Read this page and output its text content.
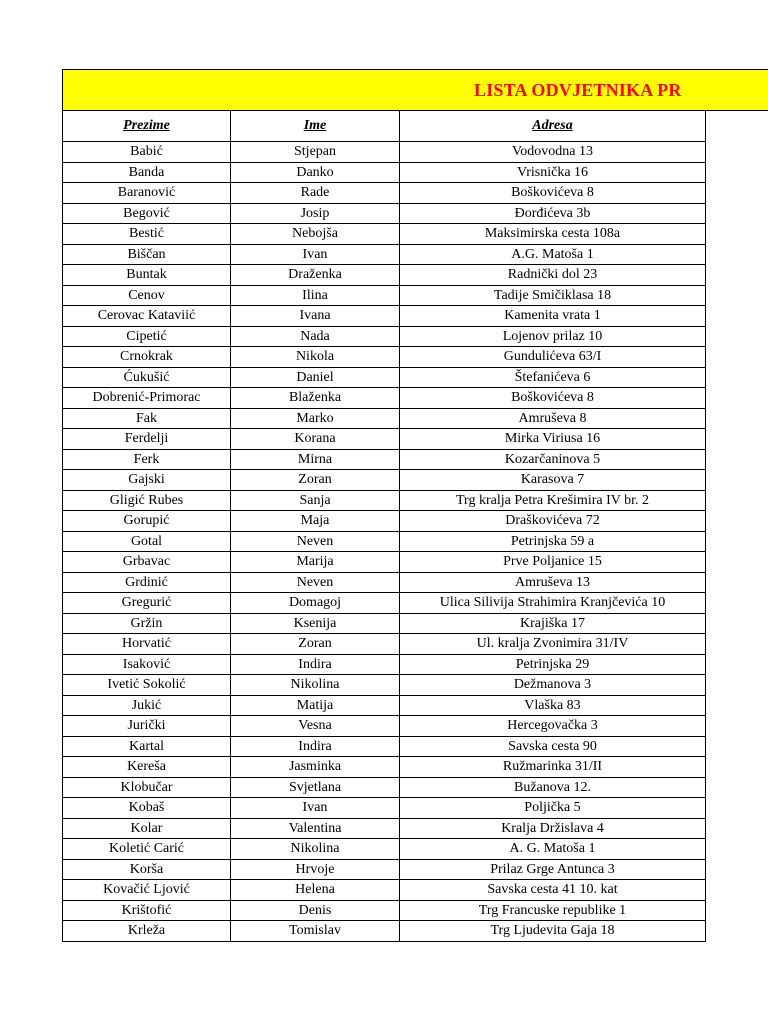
LISTA ODVJETNIKA PR
Prezime	Ime	Adresa
Babić	Stjepan	Vodovodna 13
Banda	Danko	Vrisnička 16
Baranović	Rade	Boškovićeva 8
Begović	Josip	Đorđićeva 3b
Bestić	Nebojša	Maksimirska cesta 108a
Biščan	Ivan	A.G. Matoša 1
Buntak	Draženka	Radnički dol 23
Cenov	Ilina	Tadije Smičiklasa 18
Cerovac Kataviić	Ivana	Kamenita vrata 1
Cipetić	Nada	Lojenov prilaz 10
Crnokrak	Nikola	Gundulićeva 63/I
Ćukušić	Daniel	Štefanićeva 6
Dobrenić-Primorac	Blaženka	Boškovićeva 8
Fak	Marko	Amruševa 8
Ferdelji	Korana	Mirka Viriusa 16
Ferk	Mirna	Kozarčaninova 5
Gajski	Zoran	Karasova 7
Gligić Rubes	Sanja	Trg kralja Petra Krešimira IV br. 2
Gorupić	Maja	Draškovićeva 72
Gotal	Neven	Petrinjska 59 a
Grbavac	Marija	Prve Poljanice 15
Grdinić	Neven	Amruševa 13
Gregurić	Domagoj	Ulica Silivija Strahimira Kranjčevića 10
Gržin	Ksenija	Krajiška 17
Horvatić	Zoran	Ul. kralja Zvonimira 31/IV
Isaković	Indira	Petrinjska 29
Ivetić Sokolić	Nikolina	Dežmanova 3
Jukić	Matija	Vlaška 83
Jurički	Vesna	Hercegovačka 3
Kartal	Indira	Savska cesta 90
Kereša	Jasminka	Ružmarinka 31/II
Klobučar	Svjetlana	Bužanova 12.
Kobaš	Ivan	Poljička 5
Kolar	Valentina	Kralja Držislava 4
Koletić Carić	Nikolina	A. G. Matoša 1
Korša	Hrvoje	Prilaz Grge Antunca 3
Kovačić Ljović	Helena	Savska cesta 41 10. kat
Krištofić	Denis	Trg Francuske republike 1
Krleža	Tomislav	Trg Ljudevita Gaja 18
